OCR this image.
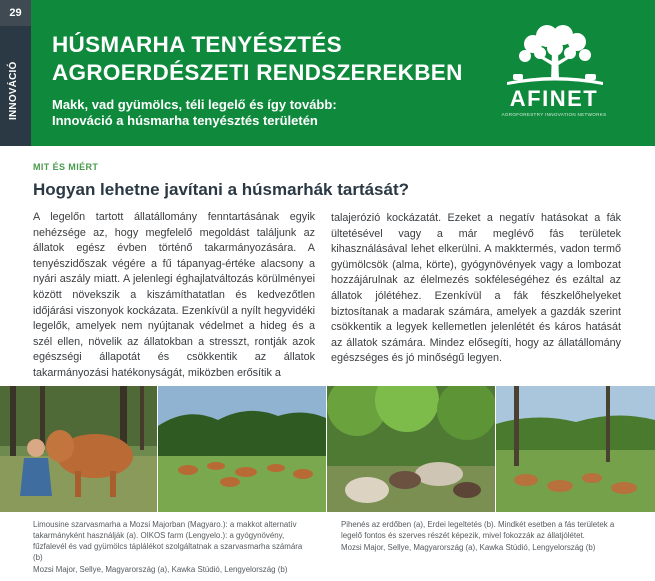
29
INNOVÁCIÓ
HÚSMARHA TENYÉSZTÉS
AGROERDÉSZETI RENDSZEREKBEN
Makk, vad gyümölcs, téli legelő és így tovább:
Innováció a húsmarha tenyésztés területén
AFINET
AGROFORESTRY INNOVATION NETWORKS
MIT ÉS MIÉRT
Hogyan lehetne javítani a húsmarhák tartását?
A legelőn tartott állatállomány fenntartásának egyik nehézsége az, hogy megfelelő megoldást találjunk az állatok egész évben történő takarmányozására. A tenyészidőszak végére a fű tápanyag-értéke alacsony a nyári aszály miatt. A jelenlegi éghajlatváltozás körülményei között növekszik a kiszámíthatatlan és kedvezőtlen időjárási viszonyok kockázata. Ezenkívül a nyílt hegyvidéki legelők, amelyek nem nyújtanak védelmet a hideg és a szél ellen, növelik az állatokban a stresszt, rontják azok egészségi állapotát és csökkentik az állatok takarmányozási hatékonyságát, miközben erősítik a
talajerózió kockázatát. Ezeket a negatív hatásokat a fák ültetésével vagy a már meglévő fás területek kihasználásával lehet elkerülni. A makktermés, vadon termő gyümölcsök (alma, körte), gyógynövények vagy a lombozat hozzájárulnak az élelmezés sokféleségéhez és ezáltal az állatok jólétéhez. Ezenkívül a fák fészkelőhelyeket biztosítanak a madarak számára, amelyek a gazdák szerint csökkentik a legyek kellemetlen jelenlétét és káros hatását az állatok számára. Mindez elősegíti, hogy az állatállomány egészséges és jó minőségű legyen.
Limousine szarvasmarha a Mozsi Majorban (Magyaro.): a makkot alternatív takarmányként használják (a). OIKOS farm (Lengyelo.): a gyógynövény, fűzfalevél és vad gyümölcs táplálékot szolgáltatnak a szarvasmarha számára (b)
Mozsi Major, Sellye, Magyarország (a), Kawka Stúdió, Lengyelország (b)
Pihenés az erdőben (a), Erdei legeltetés (b). Mindkét esetben a fás területek a legelő fontos és szerves részét képezik, mivel fokozzák az állatjólétet.
Mozsi Major, Sellye, Magyarország (a), Kawka Stúdió, Lengyelország (b)
